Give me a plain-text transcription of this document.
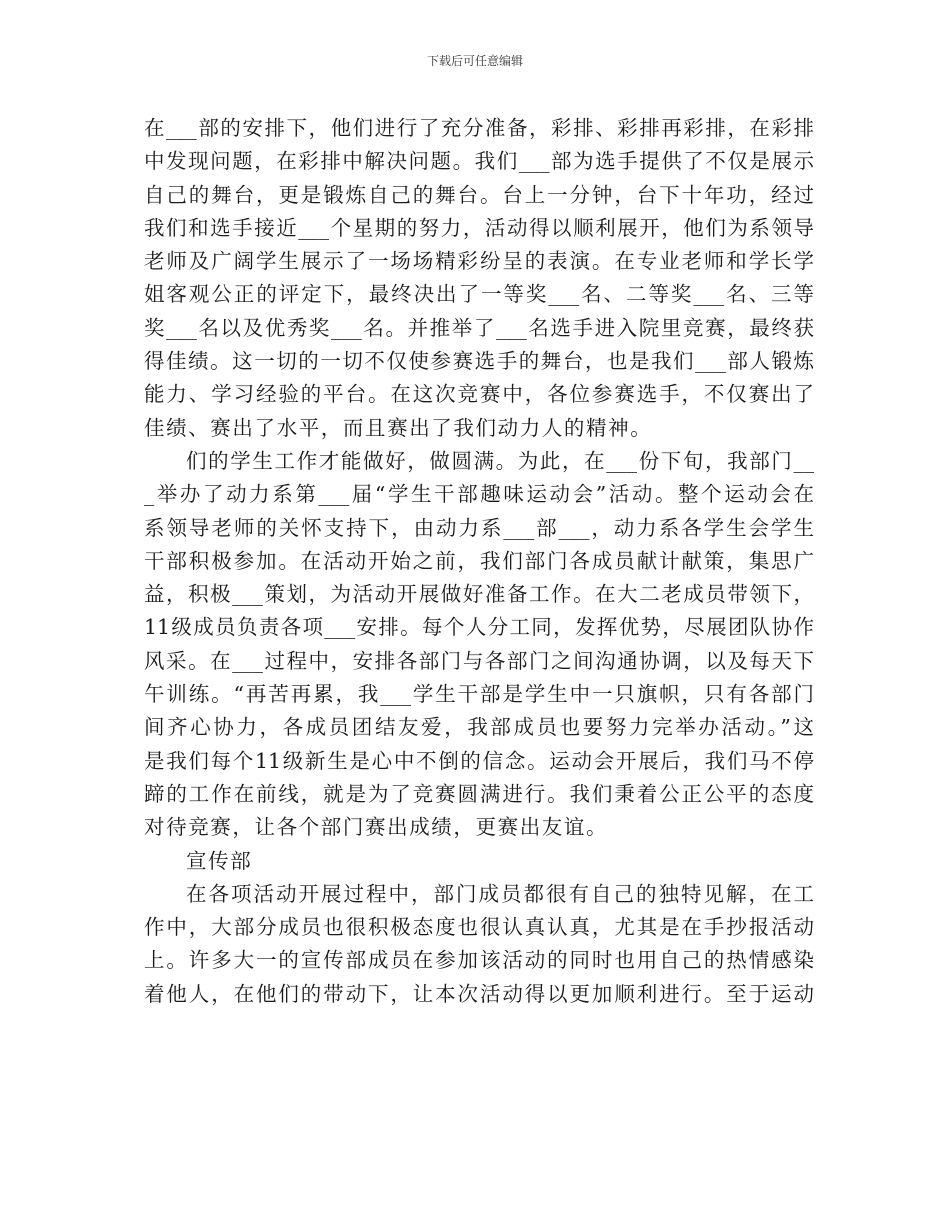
下载后可任意编辑
在___部的安排下，他们进行了充分准备，彩排、彩排再彩排，在彩排
中发现问题，在彩排中解决问题。我们___部为选手提供了不仅是展示
自己的舞台，更是锻炼自己的舞台。台上一分钟，台下十年功，经过
我们和选手接近___个星期的努力，活动得以顺利展开，他们为系领导
老师及广阔学生展示了一场场精彩纷呈的表演。在专业老师和学长学
姐客观公正的评定下，最终决出了一等奖___名、二等奖___名、三等
奖___名以及优秀奖___名。并推举了___名选手进入院里竞赛，最终获
得佳绩。这一切的一切不仅使参赛选手的舞台，也是我们___部人锻炼
能力、学习经验的平台。在这次竞赛中，各位参赛选手，不仅赛出了
佳绩、赛出了水平，而且赛出了我们动力人的精神。
们的学生工作才能做好，做圆满。为此，在___份下旬，我部门__
_举办了动力系第___届“学生干部趣味运动会”活动。整个运动会在
系领导老师的关怀支持下，由动力系___部___，动力系各学生会学生
干部积极参加。在活动开始之前，我们部门各成员献计献策，集思广
益，积极___策划，为活动开展做好准备工作。在大二老成员带领下，
11级成员负责各项___安排。每个人分工同，发挥优势，尽展团队协作
风采。在___过程中，安排各部门与各部门之间沟通协调，以及每天下
午训练。“再苦再累，我___学生干部是学生中一只旗帜，只有各部门
间齐心协力，各成员团结友爱，我部成员也要努力完举办活动。”这
是我们每个11级新生是心中不倒的信念。运动会开展后，我们马不停
蹄的工作在前线，就是为了竞赛圆满进行。我们秉着公正公平的态度
对待竞赛，让各个部门赛出成绩，更赛出友谊。
宣传部
在各项活动开展过程中，部门成员都很有自己的独特见解，在工
作中，大部分成员也很积极态度也很认真认真，尤其是在手抄报活动
上。许多大一的宣传部成员在参加该活动的同时也用自己的热情感染
着他人，在他们的带动下，让本次活动得以更加顺利进行。至于运动
